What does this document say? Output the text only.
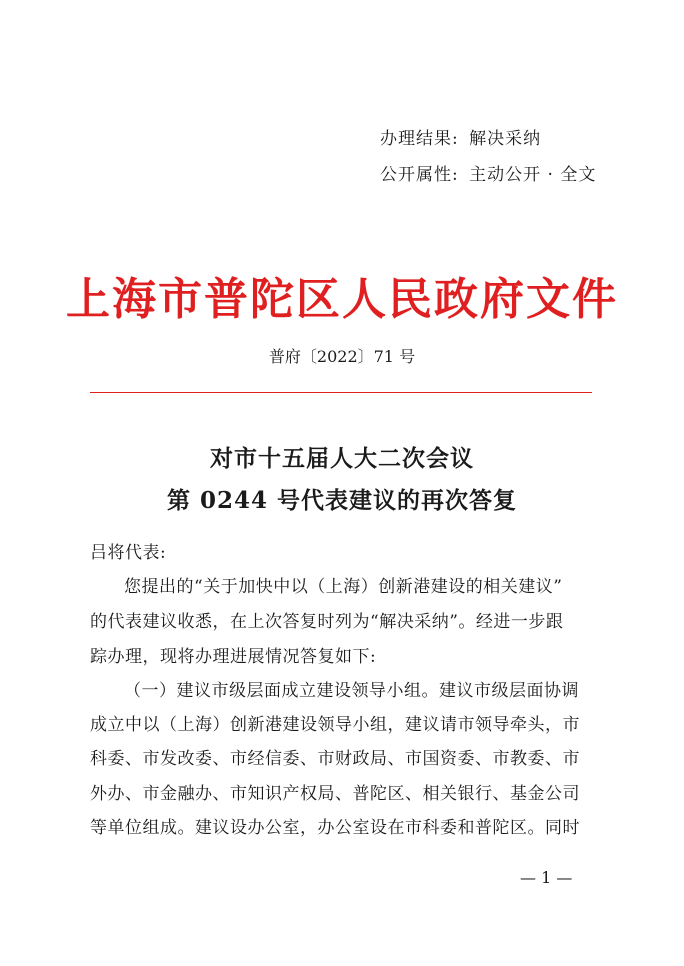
办理结果: 解决采纳
公开属性: 主动公开 · 全文
上海市普陀区人民政府文件
普府〔2022〕71 号
对市十五届人大二次会议
第 0244 号代表建议的再次答复
吕将代表:
您提出的“关于加快中以（上海）创新港建设的相关建议”
的代表建议收悉，在上次答复时列为“解决采纳”。经进一步跟
踪办理，现将办理进展情况答复如下:
（一）建议市级层面成立建设领导小组。建议市级层面协调
成立中以（上海）创新港建设领导小组，建议请市领导牵头，市
科委、市发改委、市经信委、市财政局、市国资委、市教委、市
外办、市金融办、市知识产权局、普陀区、相关银行、基金公司
等单位组成。建议设办公室，办公室设在市科委和普陀区。同时
— 1 —
